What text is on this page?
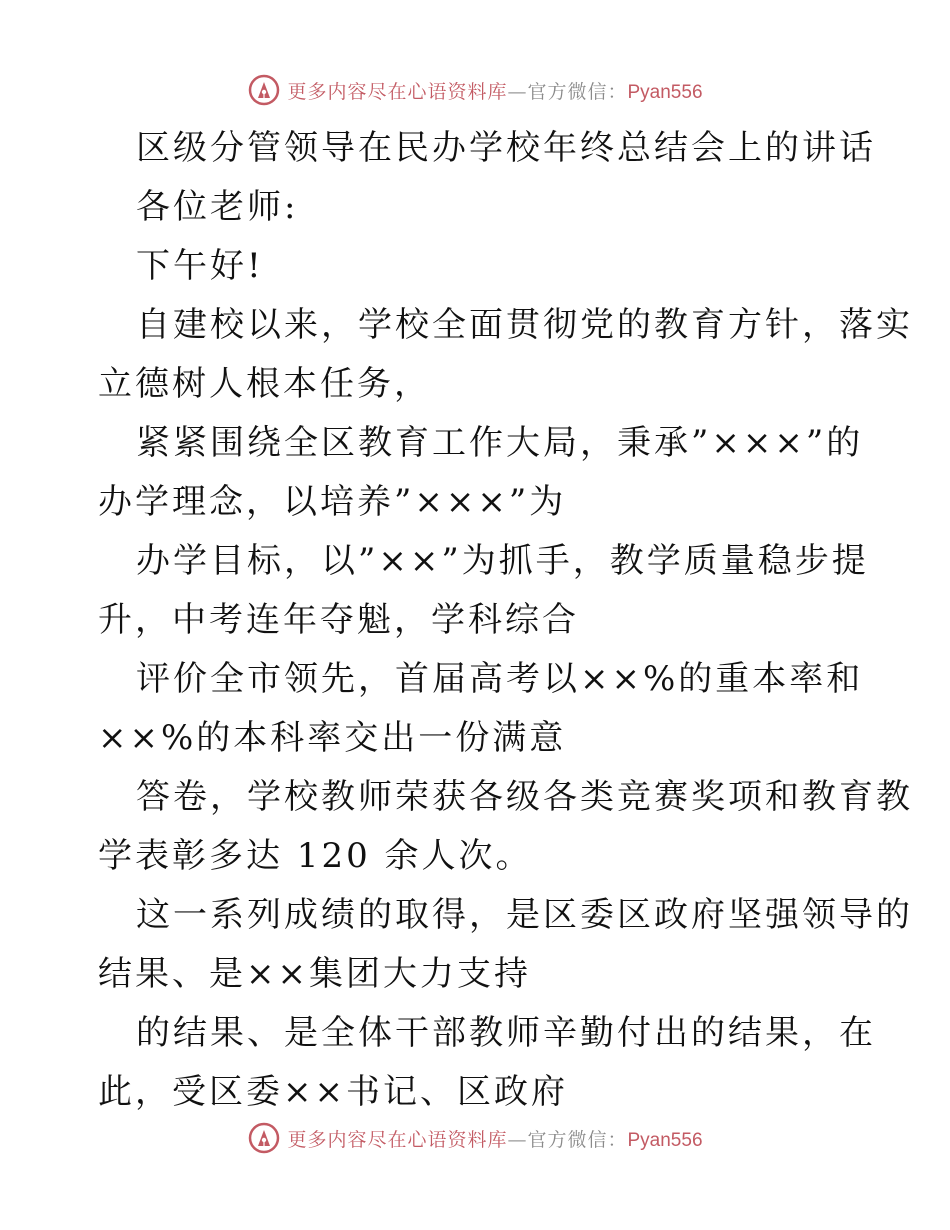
更多内容尽在心语资料库—官方微信：Pyan556
区级分管领导在民办学校年终总结会上的讲话
各位老师:
下午好!
自建校以来，学校全面贯彻党的教育方针，落实
立德树人根本任务，
紧紧围绕全区教育工作大局，秉承”×××”的
办学理念，以培养”×××”为
办学目标，以”××”为抓手，教学质量稳步提
升，中考连年夺魁，学科综合
评价全市领先，首届高考以××%的重本率和
××%的本科率交出一份满意
答卷，学校教师荣获各级各类竞赛奖项和教育教
学表彰多达 120 余人次。
这一系列成绩的取得，是区委区政府坚强领导的
结果、是××集团大力支持
的结果、是全体干部教师辛勤付出的结果，在
此，受区委××书记、区政府
更多内容尽在心语资料库—官方微信：Pyan556
